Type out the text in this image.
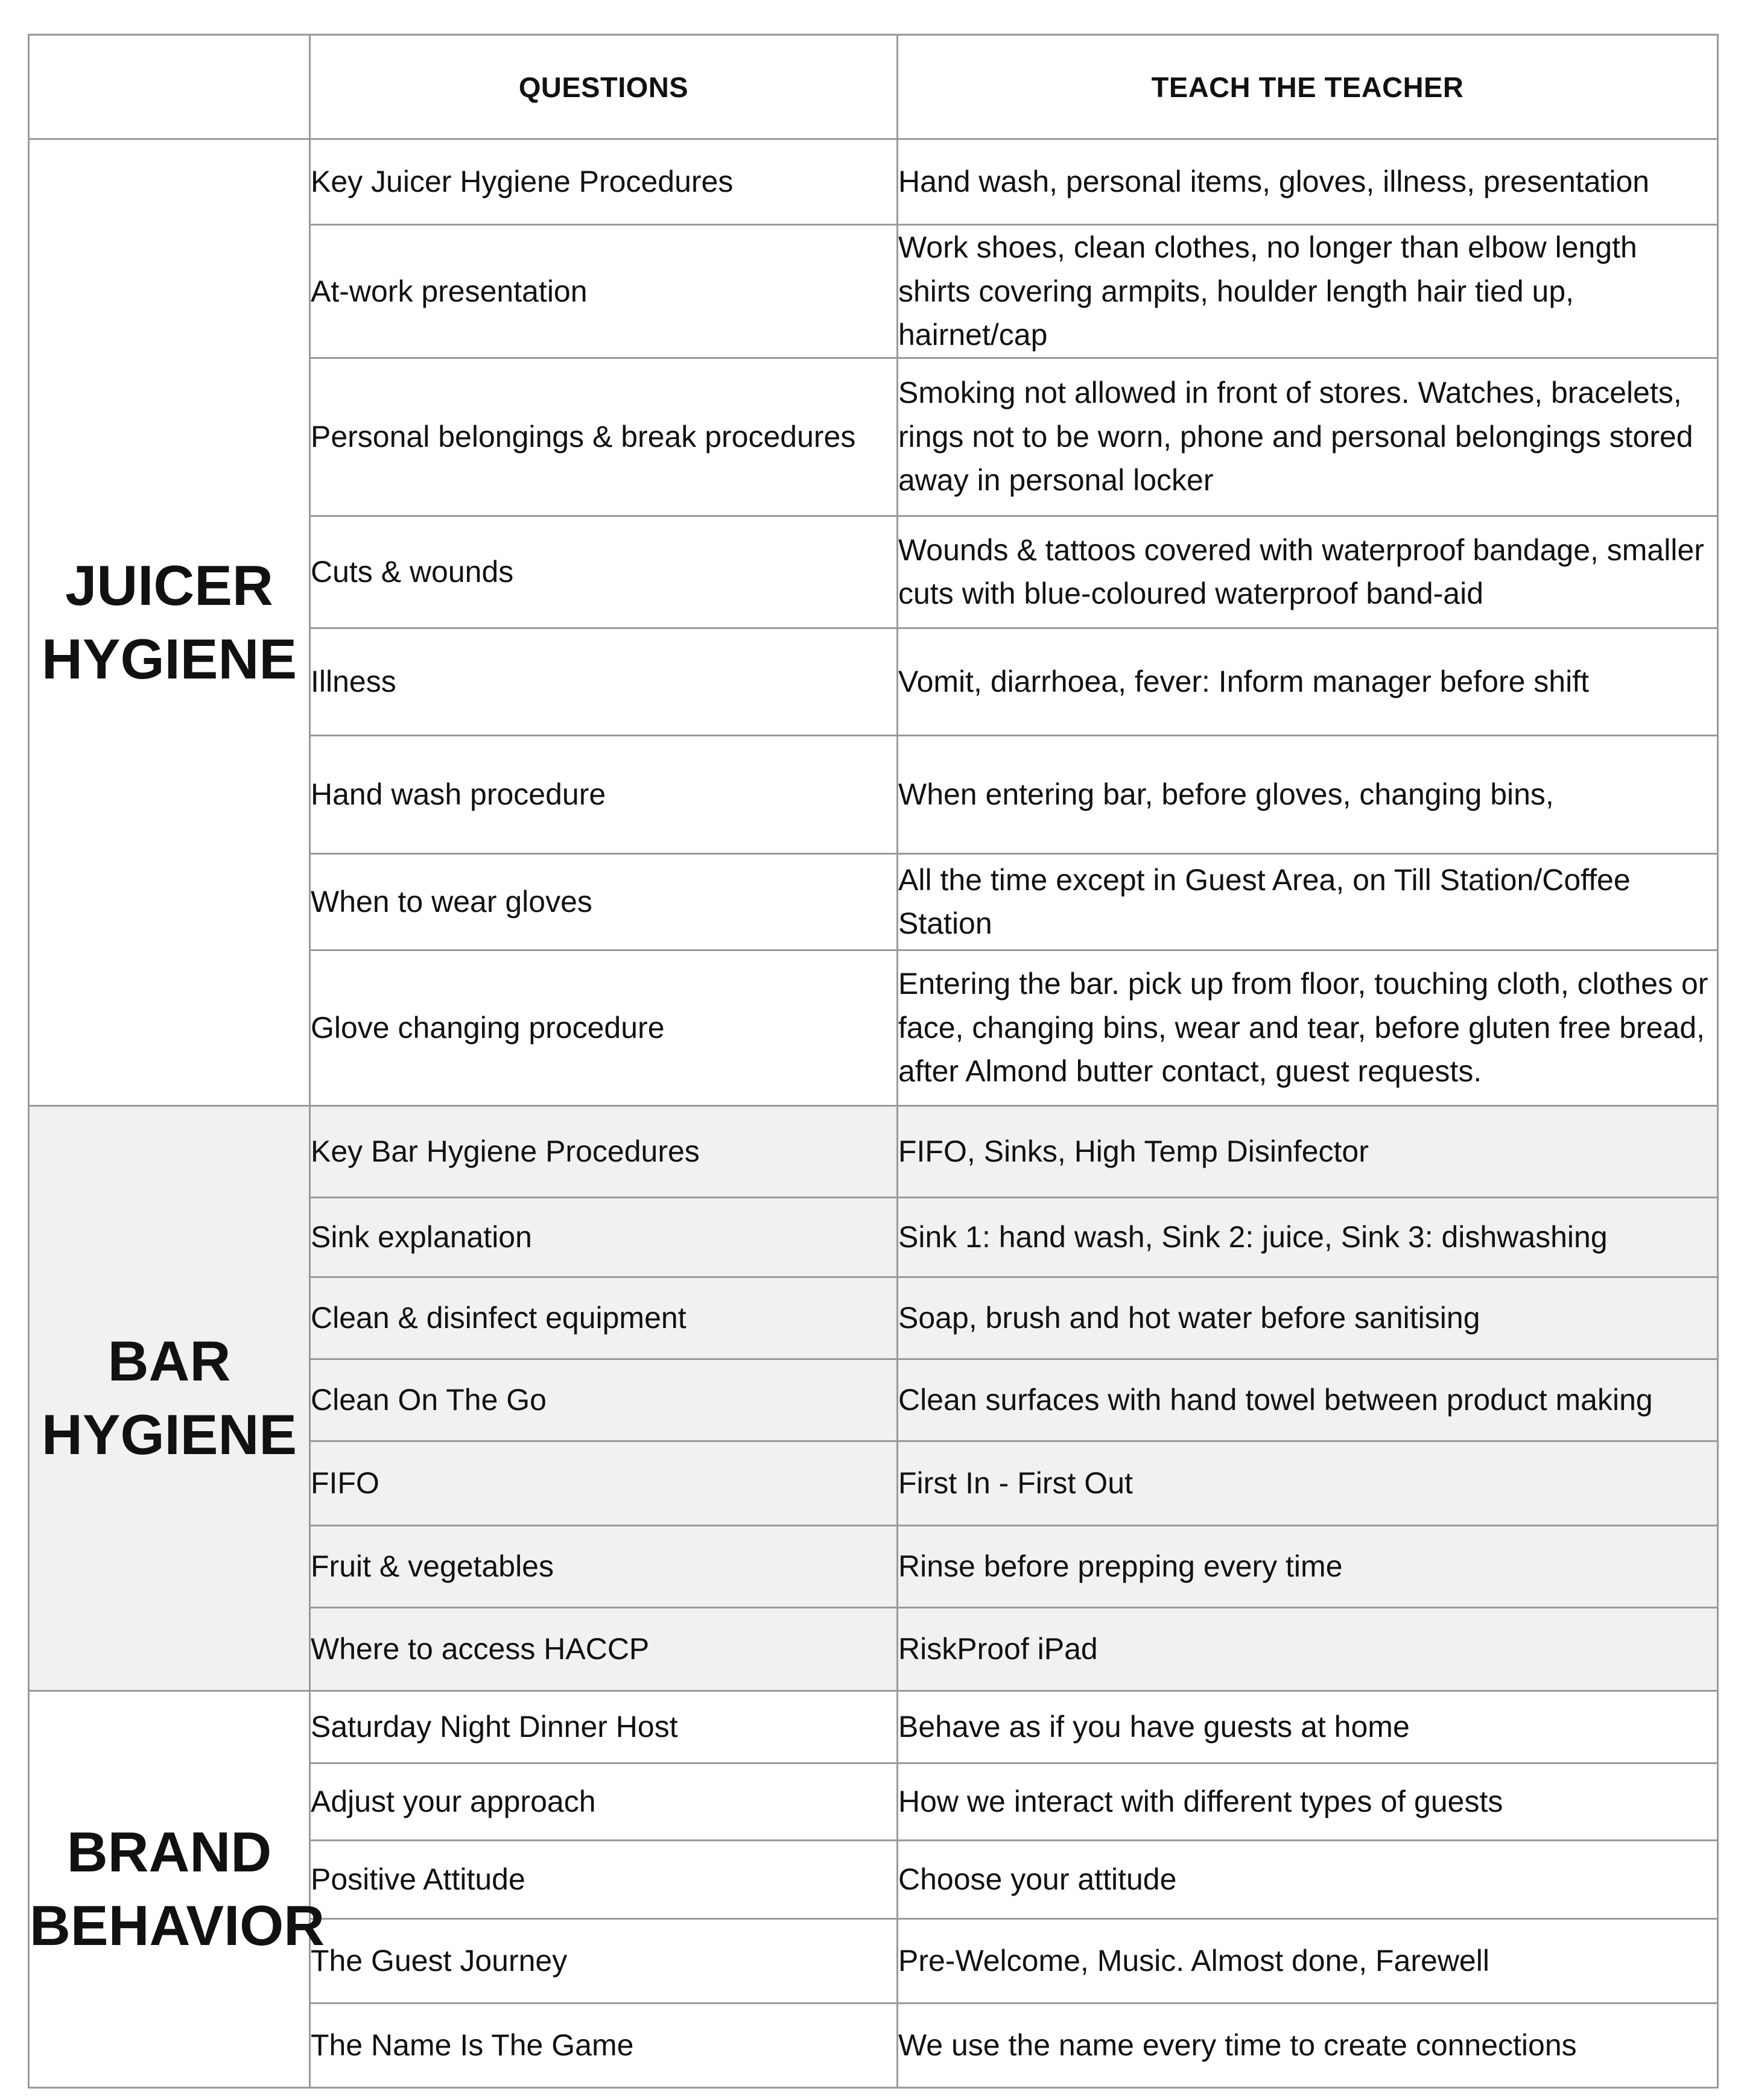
	QUESTIONS	TEACH THE TEACHER

JUICER
HYGIENE	Key Juicer Hygiene Procedures	Hand wash, personal items, gloves, illness, presentation
	At-work presentation	Work shoes, clean clothes, no longer than elbow length shirts covering armpits, houlder length hair tied up, hairnet/cap
	Personal belongings & break procedures	Smoking not allowed in front of stores. Watches, bracelets, rings not to be worn, phone and personal belongings stored away in personal locker
	Cuts & wounds	Wounds & tattoos covered with waterproof bandage, smaller cuts with blue-coloured waterproof band-aid
	Illness	Vomit, diarrhoea, fever: Inform manager before shift
	Hand wash procedure	When entering bar, before gloves, changing bins,
	When to wear gloves	All the time except in Guest Area, on Till Station/Coffee Station
	Glove changing procedure	Entering the bar. pick up from floor, touching cloth, clothes or face, changing bins, wear and tear, before gluten free bread, after Almond butter contact, guest requests.

BAR
HYGIENE	Key Bar Hygiene Procedures	FIFO, Sinks, High Temp Disinfector
	Sink explanation	Sink 1: hand wash, Sink 2: juice, Sink 3: dishwashing
	Clean & disinfect equipment	Soap, brush and hot water before sanitising
	Clean On The Go	Clean surfaces with hand towel between product making
	FIFO	First In - First Out
	Fruit & vegetables	Rinse before prepping every time
	Where to access HACCP	RiskProof iPad

BRAND
BEHAVIOR	Saturday Night Dinner Host	Behave as if you have guests at home
	Adjust your approach	How we interact with different types of guests
	Positive Attitude	Choose your attitude
	The Guest Journey	Pre-Welcome, Music. Almost done, Farewell
	The Name Is The Game	We use the name every time to create connections
